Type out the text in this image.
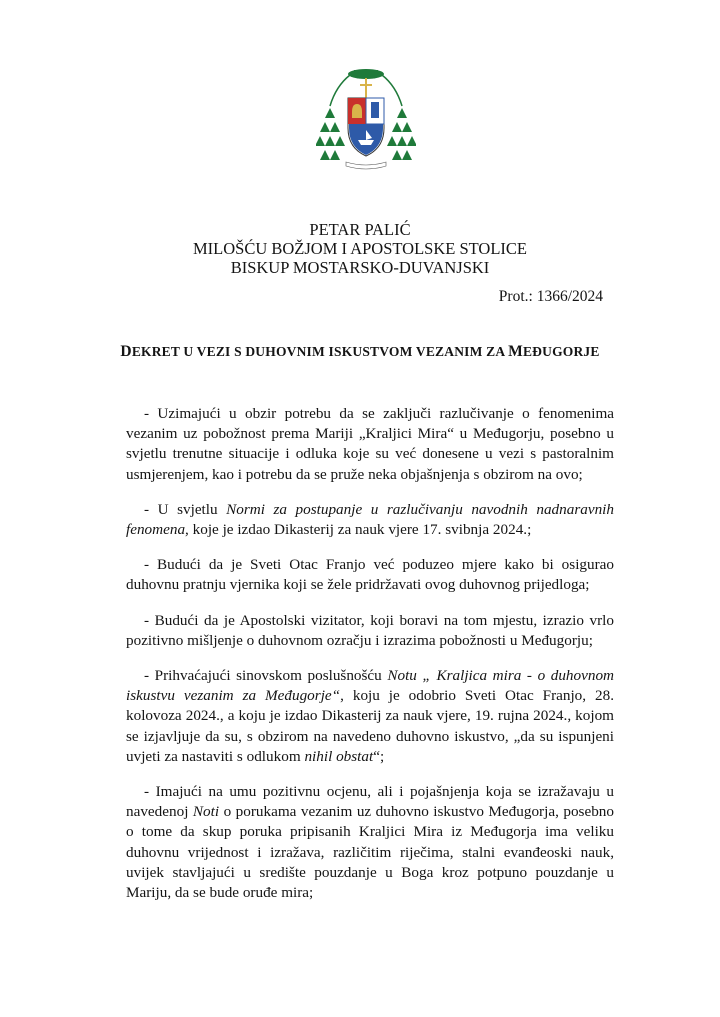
PETAR PALIĆ
MILOŠĆU BOŽJOM I APOSTOLSKE STOLICE
BISKUP MOSTARSKO-DUVANJSKI
Prot.: 1366/2024
DEKRET U VEZI S DUHOVNIM ISKUSTVOM VEZANIM ZA MEĐUGORJE

- Uzimajući u obzir potrebu da se zaključi razlučivanje o fenomenima vezanim uz pobožnost prema Mariji „Kraljici Mira“ u Međugorju, posebno u svjetlu trenutne situacije i odluka koje su već donesene u vezi s pastoralnim usmjerenjem, kao i potrebu da se pruže neka objašnjenja s obzirom na ovo;

- U svjetlu Normi za postupanje u razlučivanju navodnih nadnaravnih fenomena, koje je izdao Dikasterij za nauk vjere 17. svibnja 2024.;

- Budući da je Sveti Otac Franjo već poduzeo mjere kako bi osigurao duhovnu pratnju vjernika koji se žele pridržavati ovog duhovnog prijedloga;

- Budući da je Apostolski vizitator, koji boravi na tom mjestu, izrazio vrlo pozitivno mišljenje o duhovnom ozračju i izrazima pobožnosti u Međugorju;

- Prihvaćajući sinovskom poslušnošću Notu „ Kraljica mira - o duhovnom iskustvu vezanim za Međugorje“, koju je odobrio Sveti Otac Franjo, 28. kolovoza 2024., a koju je izdao Dikasterij za nauk vjere, 19. rujna 2024., kojom se izjavljuje da su, s obzirom na navedeno duhovno iskustvo, „da su ispunjeni uvjeti za nastaviti s odlukom nihil obstat“;

- Imajući na umu pozitivnu ocjenu, ali i pojašnjenja koja se izražavaju u navedenoj Noti o porukama vezanim uz duhovno iskustvo Međugorja, posebno o tome da skup poruka pripisanih Kraljici Mira iz Međugorja ima veliku duhovnu vrijednost i izražava, različitim riječima, stalni evanđeoski nauk, uvijek stavljajući u središte pouzdanje u Boga kroz potpuno pouzdanje u Mariju, da se bude oruđe mira;
